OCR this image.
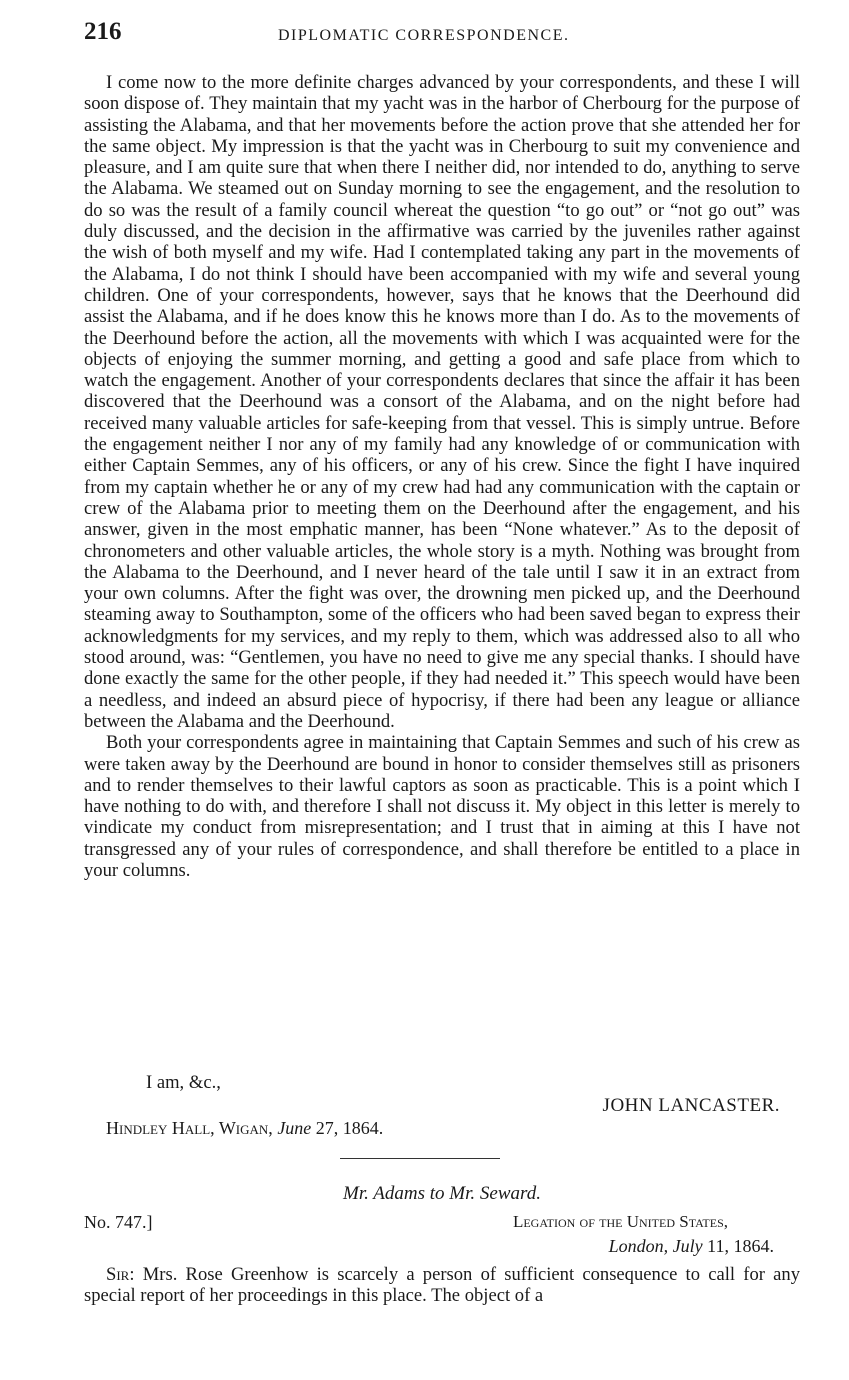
216	DIPLOMATIC CORRESPONDENCE.

I come now to the more definite charges advanced by your correspondents, and these I will soon dispose of. They maintain that my yacht was in the harbor of Cherbourg for the purpose of assisting the Alabama, and that her movements before the action prove that she attended her for the same object. My impression is that the yacht was in Cherbourg to suit my convenience and pleasure, and I am quite sure that when there I neither did, nor intended to do, anything to serve the Alabama. We steamed out on Sunday morning to see the engagement, and the resolution to do so was the result of a family council whereat the question “to go out” or “not go out” was duly discussed, and the decision in the affirmative was carried by the juveniles rather against the wish of both myself and my wife. Had I contemplated taking any part in the movements of the Alabama, I do not think I should have been accompanied with my wife and several young children. One of your correspondents, however, says that he knows that the Deerhound did assist the Alabama, and if he does know this he knows more than I do. As to the movements of the Deerhound before the action, all the movements with which I was acquainted were for the objects of enjoying the summer morning, and getting a good and safe place from which to watch the engagement. Another of your correspondents declares that since the affair it has been discovered that the Deerhound was a consort of the Alabama, and on the night before had received many valuable articles for safe-keeping from that vessel. This is simply untrue. Before the engagement neither I nor any of my family had any knowledge of or communication with either Captain Semmes, any of his officers, or any of his crew. Since the fight I have inquired from my captain whether he or any of my crew had had any communication with the captain or crew of the Alabama prior to meeting them on the Deerhound after the engagement, and his answer, given in the most emphatic manner, has been “None whatever.” As to the deposit of chronometers and other valuable articles, the whole story is a myth. Nothing was brought from the Alabama to the Deerhound, and I never heard of the tale until I saw it in an extract from your own columns. After the fight was over, the drowning men picked up, and the Deerhound steaming away to Southampton, some of the officers who had been saved began to express their acknowledgments for my services, and my reply to them, which was addressed also to all who stood around, was: “Gentlemen, you have no need to give me any special thanks. I should have done exactly the same for the other people, if they had needed it.” This speech would have been a needless, and indeed an absurd piece of hypocrisy, if there had been any league or alliance between the Alabama and the Deerhound.

Both your correspondents agree in maintaining that Captain Semmes and such of his crew as were taken away by the Deerhound are bound in honor to consider themselves still as prisoners and to render themselves to their lawful captors as soon as practicable. This is a point which I have nothing to do with, and therefore I shall not discuss it. My object in this letter is merely to vindicate my conduct from misrepresentation; and I trust that in aiming at this I have not transgressed any of your rules of correspondence, and shall therefore be entitled to a place in your columns.

I am, &c.,
JOHN LANCASTER.
Hindley Hall, Wigan, June 27, 1864.
Mr. Adams to Mr. Seward.
No. 747.]	Legation of the United States,
London, July 11, 1864.
Sir: Mrs. Rose Greenhow is scarcely a person of sufficient consequence to call for any special report of her proceedings in this place. The object of a
